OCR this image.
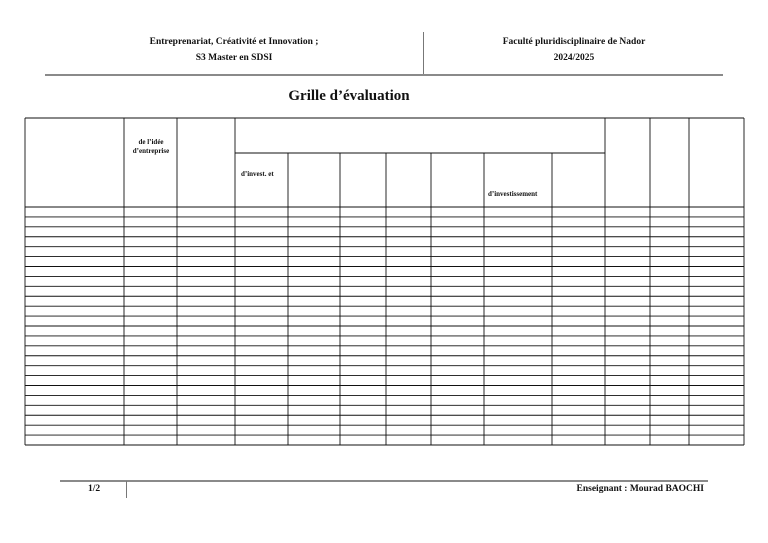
Entreprenariat, Créativité et Innovation ;
S3 Master en SDSI
Faculté pluridisciplinaire de Nador
2024/2025
Grille d’évaluation
de l’idée d’entreprise
d’invest. et
d’investissement
1/2	Enseignant : Mourad BAOCHI
